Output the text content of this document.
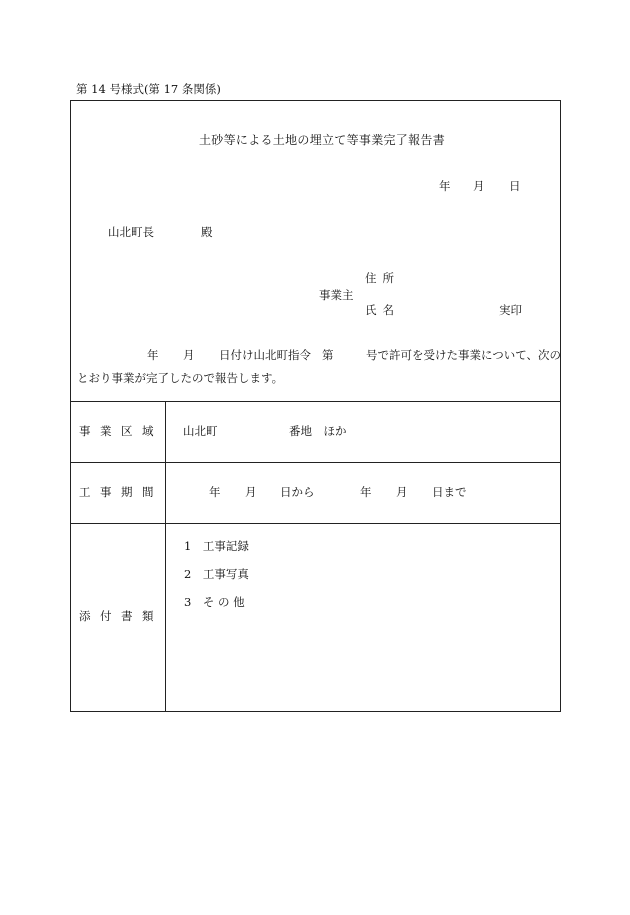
第 14 号様式(第 17 条関係)
土砂等による土地の埋立て等事業完了報告書
年 月 日
山北町長	殿
住所
事業主
氏名	実印
年 月 日付け山北町指令 第	号で許可を受けた事業について、次の
とおり事業が完了したので報告します。
事業区域 山北町	番地　ほか
工事期間	年 月 日から	年 月 日まで
添付書類
1　工事記録
2　工事写真
3　そ の 他
